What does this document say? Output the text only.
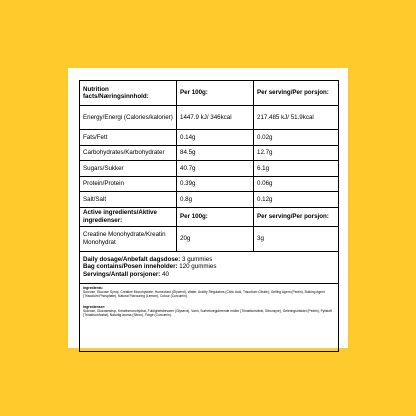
Nutrition facts/Næringsinnhold:	Per 100g:	Per serving/Per porsjon:
Energy/Energi (Calories/kalorier)	1447.9 kJ/ 346kcal	217.485 kJ/ 51.9kcal
Fats/Fett	0.14g	0.02g
Carbohydrates/Karbohydrater	84.5g	12.7g
Sugars/Sukker	40.7g	6.1g
Protein/Protein	0.39g	0.06g
Salt/Salt	0.8g	0.12g
Active ingredients/Aktive ingredienser:	Per 100g:	Per serving/Per porsjon:
Creatine Monohydrate/Kreatin Monohydrat	20g	3g

Daily dosage/Anbefalt dagsdose: 3 gummies
Bag contains/Posen inneholder: 120 gummies
Servings/Antall porsjoner: 40		

Ingredients:
Sucrose, Glucose Syrup, Creatine Monohydrate, Humectant (Glycerol), Water, Acidity Regulators (Citric Acid, Trisodium Citrate), Gelling Agent (Pectin), Bulking Agent (Trisodium Phosphate), Natural Flavouring (Lemon), Colour (Curcumin).
Ingredienser:
Sukrose, Glukosesirup, Kreatinmonohydrat, Fuktighetsbevarer (Glyserol), Vann, Surhetsregulerende midler (Trinatriumcitrat, Sitronsyre), Geleringsmiddel (Pektin), Fyllstoff (Trinatriumfosfat), Naturlig aroma (Sitron), Farge (Curcumin).		
